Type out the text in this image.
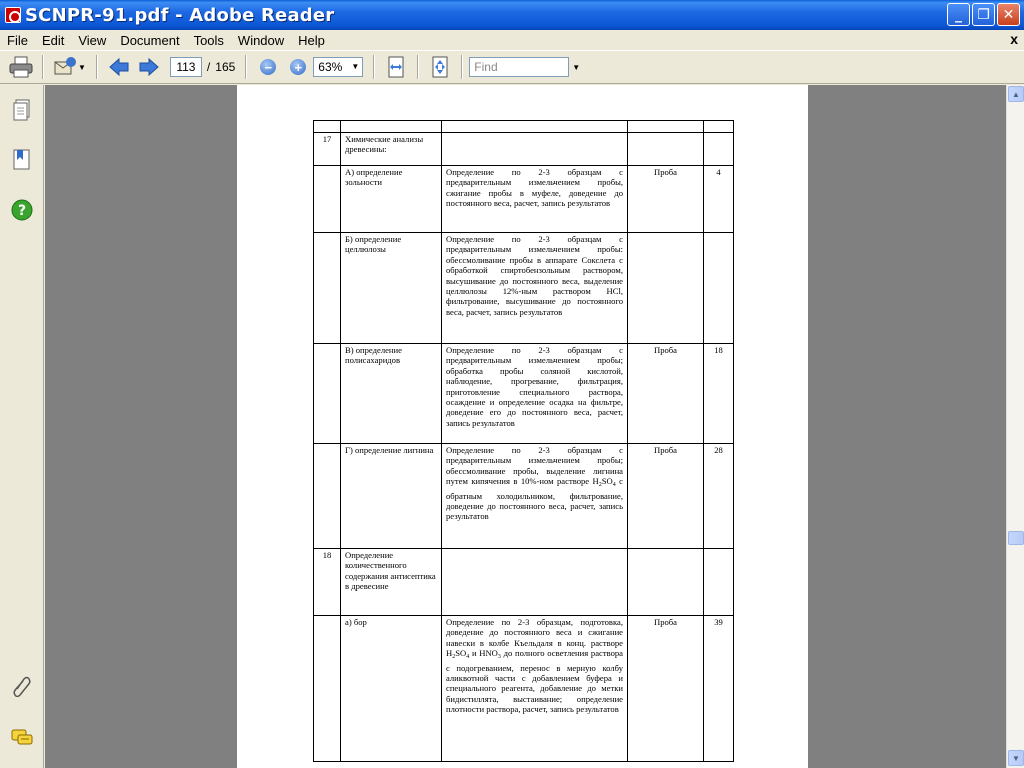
SCNPR-91.pdf - Adobe Reader	_	❐ ✕
File	Edit	View	Document	Tools	Window	Help	x
▼	113 / 165	−	+	63%	▼	Find	▼
?

17	Химические анализы древесины:			
	А) определение зольности	Определение по 2-3 образцам с предварительным измельчением пробы, сжигание пробы в муфеле, доведение до постоянного веса, расчет, запись результатов	Проба	4
	Б) определение целлюлозы	Определение по 2-3 образцам с предварительным измельчением пробы: обессмоливание пробы в аппарате Сокслета с обработкой спиртобензольным раствором, высушивание до постоянного веса, выделение целлюлозы 12%-ным раствором HCl, фильтрование, высушивание до постоянного веса, расчет, запись результатов		
	В) определение полисахаридов	Определение по 2-3 образцам с предварительным измельчением пробы; обработка пробы соляной кислотой, наблюдение, прогревание, фильтрация, приготовление специального раствора, осаждение и определение осадка на фильтре, доведение его до постоянного веса, расчет, запись результатов	Проба	18
	Г) определение лигнина	Определение по 2-3 образцам с предварительным измельчением пробы; обессмоливание пробы, выделение лигнина путем кипячения в 10%-ном растворе $H_2SO_4$ с обратным холодильником, фильтрование, доведение до постоянного веса, расчет, запись результатов	Проба	28
18	Определение количественного содержания антисептика в древесине			
	а) бор	Определение по 2-3 образцам, подготовка, доведение до постоянного веса и сжигание навески в колбе Къельдаля в конц. растворе $H_2SO_4$ и $HNO_3$ до полного осветления раствора с подогреванием, перенос в мерную колбу аликвотной части с добавлением буфера и специального реагента, добавление до метки бидистиллята, выстаивание; определение плотности раствора, расчет, запись результатов	Проба	39
▲
▼
